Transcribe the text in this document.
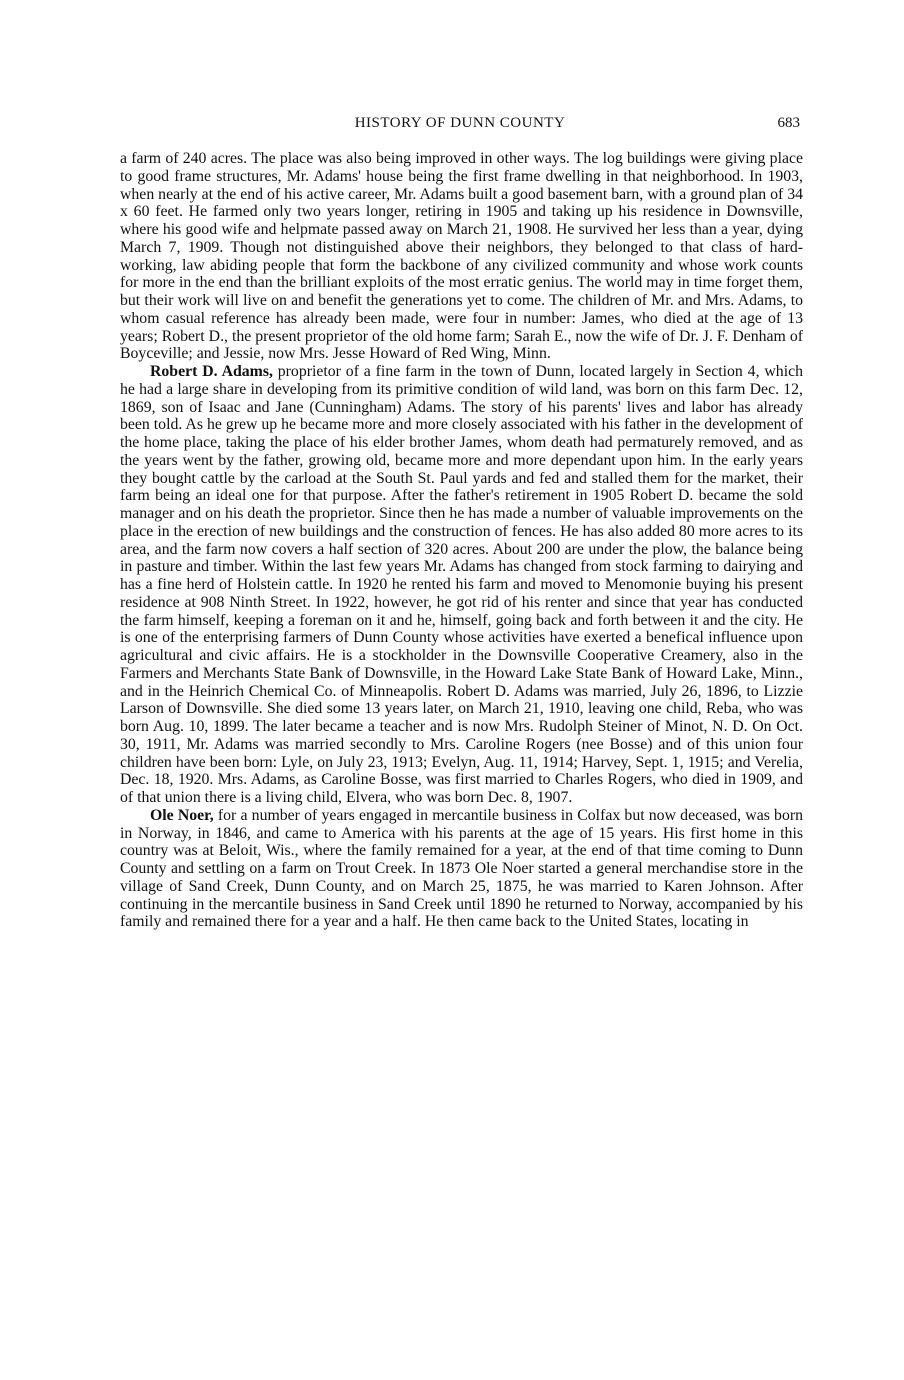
HISTORY OF DUNN COUNTY	683

a farm of 240 acres. The place was also being improved in other ways. The log buildings were giving place to good frame structures, Mr. Adams' house being the first frame dwelling in that neighborhood. In 1903, when nearly at the end of his active career, Mr. Adams built a good basement barn, with a ground plan of 34 x 60 feet. He farmed only two years longer, retiring in 1905 and taking up his residence in Downsville, where his good wife and helpmate passed away on March 21, 1908. He survived her less than a year, dying March 7, 1909. Though not distinguished above their neighbors, they belonged to that class of hard-working, law abiding people that form the backbone of any civilized community and whose work counts for more in the end than the brilliant exploits of the most erratic genius. The world may in time forget them, but their work will live on and benefit the generations yet to come. The children of Mr. and Mrs. Adams, to whom casual reference has already been made, were four in number: James, who died at the age of 13 years; Robert D., the present proprietor of the old home farm; Sarah E., now the wife of Dr. J. F. Denham of Boyceville; and Jessie, now Mrs. Jesse Howard of Red Wing, Minn.

Robert D. Adams, proprietor of a fine farm in the town of Dunn, located largely in Section 4, which he had a large share in developing from its primitive condition of wild land, was born on this farm Dec. 12, 1869, son of Isaac and Jane (Cunningham) Adams. The story of his parents' lives and labor has already been told. As he grew up he became more and more closely associated with his father in the development of the home place, taking the place of his elder brother James, whom death had permaturely removed, and as the years went by the father, growing old, became more and more dependant upon him. In the early years they bought cattle by the carload at the South St. Paul yards and fed and stalled them for the market, their farm being an ideal one for that purpose. After the father's retirement in 1905 Robert D. became the sold manager and on his death the proprietor. Since then he has made a number of valuable improvements on the place in the erection of new buildings and the construction of fences. He has also added 80 more acres to its area, and the farm now covers a half section of 320 acres. About 200 are under the plow, the balance being in pasture and timber. Within the last few years Mr. Adams has changed from stock farming to dairying and has a fine herd of Holstein cattle. In 1920 he rented his farm and moved to Menomonie buying his present residence at 908 Ninth Street. In 1922, however, he got rid of his renter and since that year has conducted the farm himself, keeping a foreman on it and he, himself, going back and forth between it and the city. He is one of the enterprising farmers of Dunn County whose activities have exerted a benefical influence upon agricultural and civic affairs. He is a stockholder in the Downsville Cooperative Creamery, also in the Farmers and Merchants State Bank of Downsville, in the Howard Lake State Bank of Howard Lake, Minn., and in the Heinrich Chemical Co. of Minneapolis. Robert D. Adams was married, July 26, 1896, to Lizzie Larson of Downsville. She died some 13 years later, on March 21, 1910, leaving one child, Reba, who was born Aug. 10, 1899. The later became a teacher and is now Mrs. Rudolph Steiner of Minot, N. D. On Oct. 30, 1911, Mr. Adams was married secondly to Mrs. Caroline Rogers (nee Bosse) and of this union four children have been born: Lyle, on July 23, 1913; Evelyn, Aug. 11, 1914; Harvey, Sept. 1, 1915; and Verelia, Dec. 18, 1920. Mrs. Adams, as Caroline Bosse, was first married to Charles Rogers, who died in 1909, and of that union there is a living child, Elvera, who was born Dec. 8, 1907.

Ole Noer, for a number of years engaged in mercantile business in Colfax but now deceased, was born in Norway, in 1846, and came to America with his parents at the age of 15 years. His first home in this country was at Beloit, Wis., where the family remained for a year, at the end of that time coming to Dunn County and settling on a farm on Trout Creek. In 1873 Ole Noer started a general merchandise store in the village of Sand Creek, Dunn County, and on March 25, 1875, he was married to Karen Johnson. After continuing in the mercantile business in Sand Creek until 1890 he returned to Norway, accompanied by his family and remained there for a year and a half. He then came back to the United States, locating in
